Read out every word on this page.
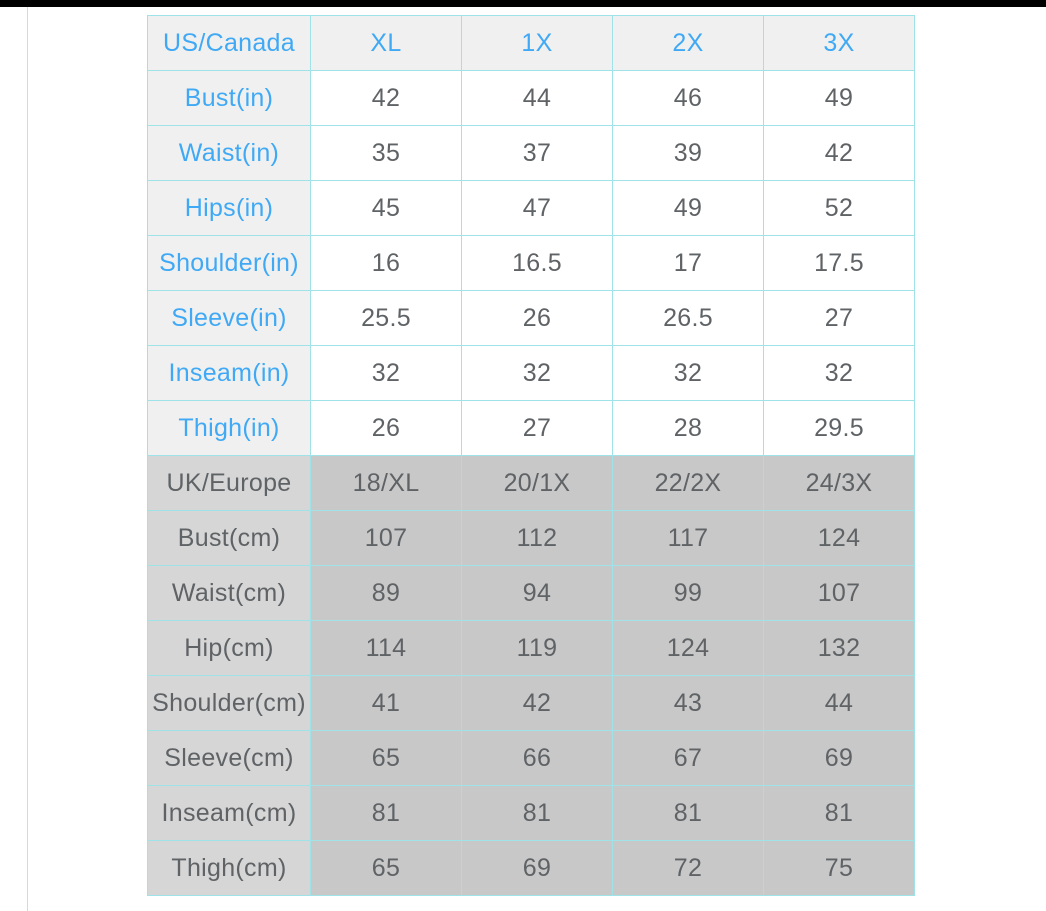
US/Canada	XL	1X	2X	3X
Bust(in)	42	44	46	49
Waist(in)	35	37	39	42
Hips(in)	45	47	49	52
Shoulder(in)	16	16.5	17	17.5
Sleeve(in)	25.5	26	26.5	27
Inseam(in)	32	32	32	32
Thigh(in)	26	27	28	29.5
UK/Europe	18/XL	20/1X	22/2X	24/3X
Bust(cm)	107	112	117	124
Waist(cm)	89	94	99	107
Hip(cm)	114	119	124	132
Shoulder(cm)	41	42	43	44
Sleeve(cm)	65	66	67	69
Inseam(cm)	81	81	81	81
Thigh(cm)	65	69	72	75
